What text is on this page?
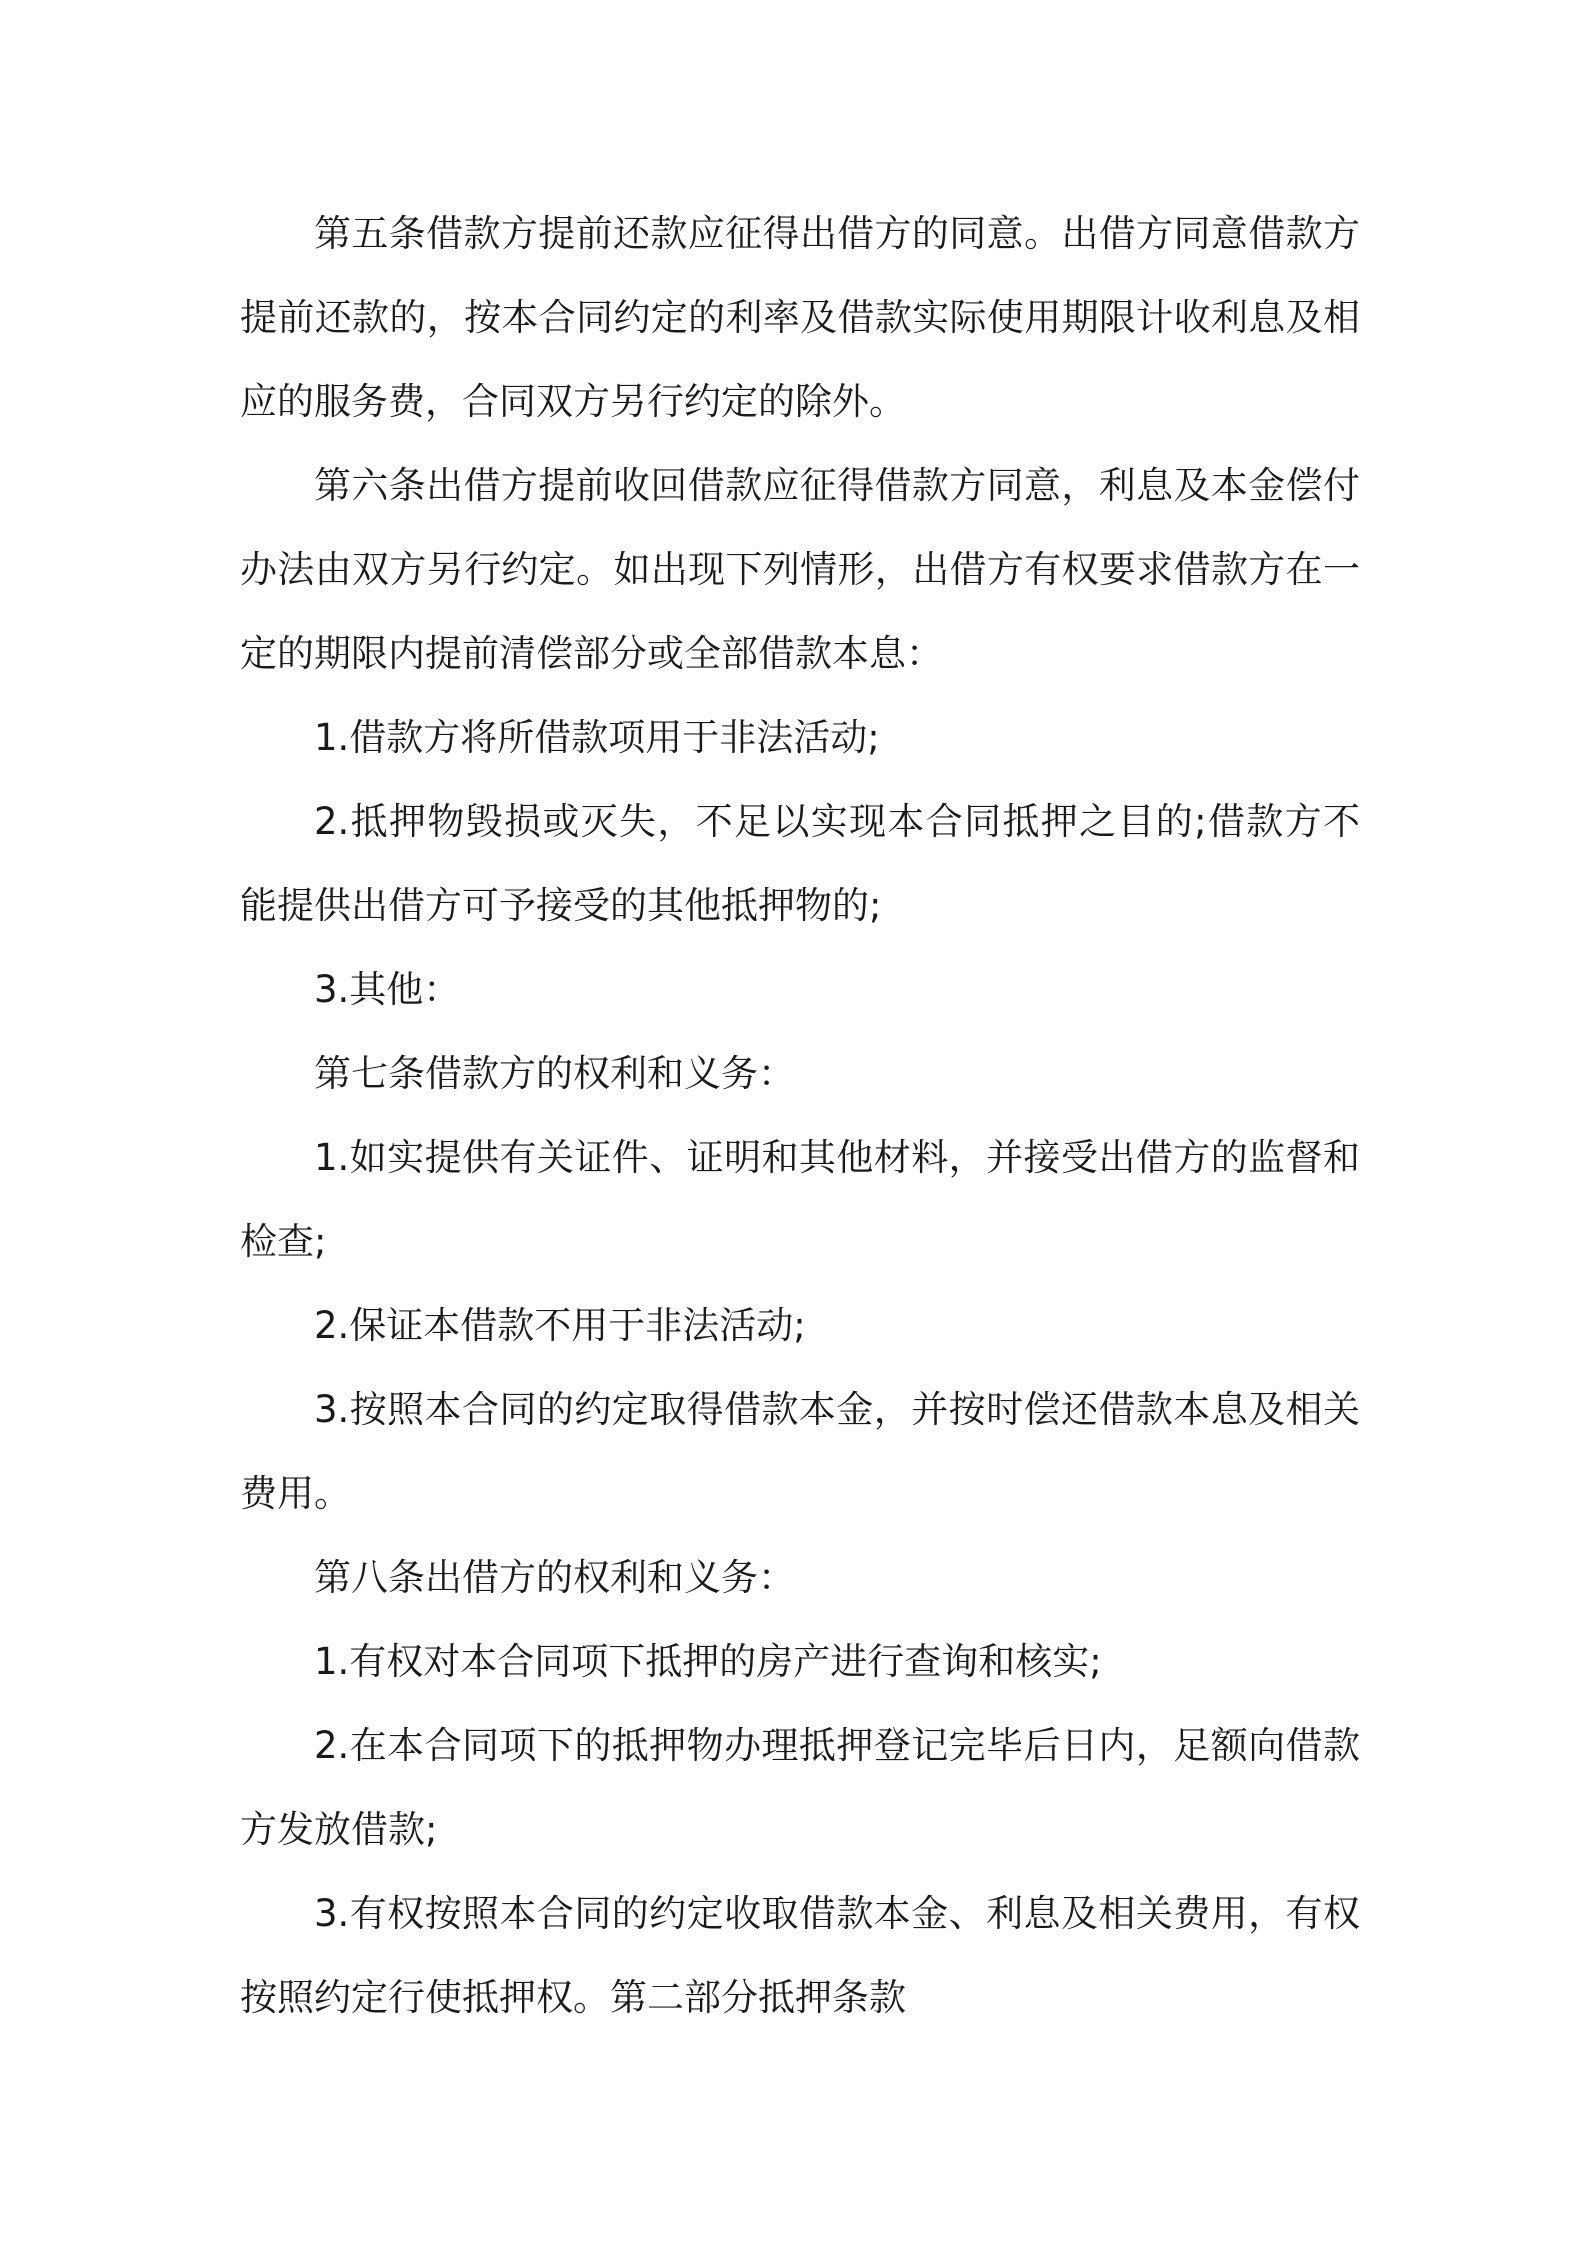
第五条借款方提前还款应征得出借方的同意。出借方同意借款方提前还款的，按本合同约定的利率及借款实际使用期限计收利息及相应的服务费，合同双方另行约定的除外。

第六条出借方提前收回借款应征得借款方同意，利息及本金偿付办法由双方另行约定。如出现下列情形，出借方有权要求借款方在一定的期限内提前清偿部分或全部借款本息：

1.借款方将所借款项用于非法活动;

2.抵押物毁损或灭失，不足以实现本合同抵押之目的;借款方不能提供出借方可予接受的其他抵押物的;

3.其他：

第七条借款方的权利和义务：

1.如实提供有关证件、证明和其他材料，并接受出借方的监督和检查;

2.保证本借款不用于非法活动;

3.按照本合同的约定取得借款本金，并按时偿还借款本息及相关费用。

第八条出借方的权利和义务：

1.有权对本合同项下抵押的房产进行查询和核实;

2.在本合同项下的抵押物办理抵押登记完毕后日内，足额向借款方发放借款;

3.有权按照本合同的约定收取借款本金、利息及相关费用，有权按照约定行使抵押权。第二部分抵押条款
